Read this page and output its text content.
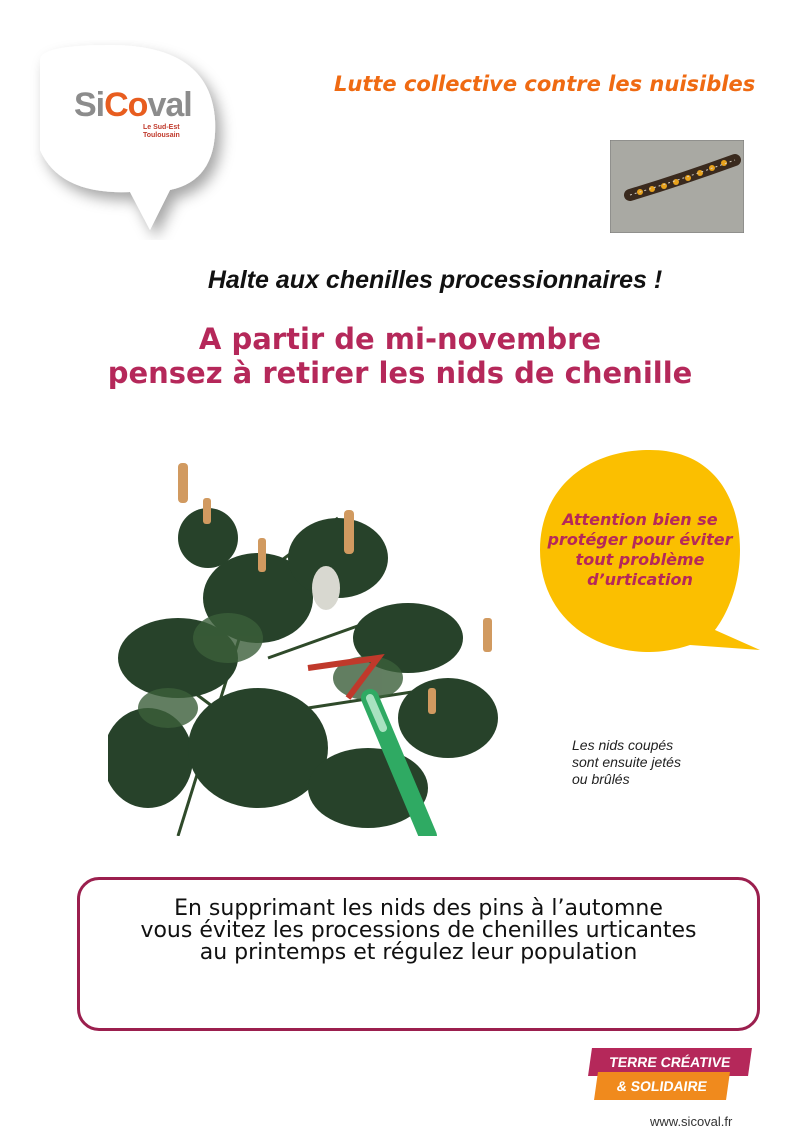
SiCoval
Le Sud-Est
Toulousain
Lutte collective contre les nuisibles
Halte aux chenilles processionnaires !
A partir de mi-novembre
pensez à retirer les nids de chenille
Attention bien se
protéger pour éviter
tout problème
d’urtication
Les nids coupés
sont ensuite jetés
ou brûlés
En supprimant les nids des pins à l’automne
vous évitez les processions de chenilles urticantes
au printemps et régulez leur population
TERRE CRÉATIVE
& SOLIDAIRE
www.sicoval.fr
